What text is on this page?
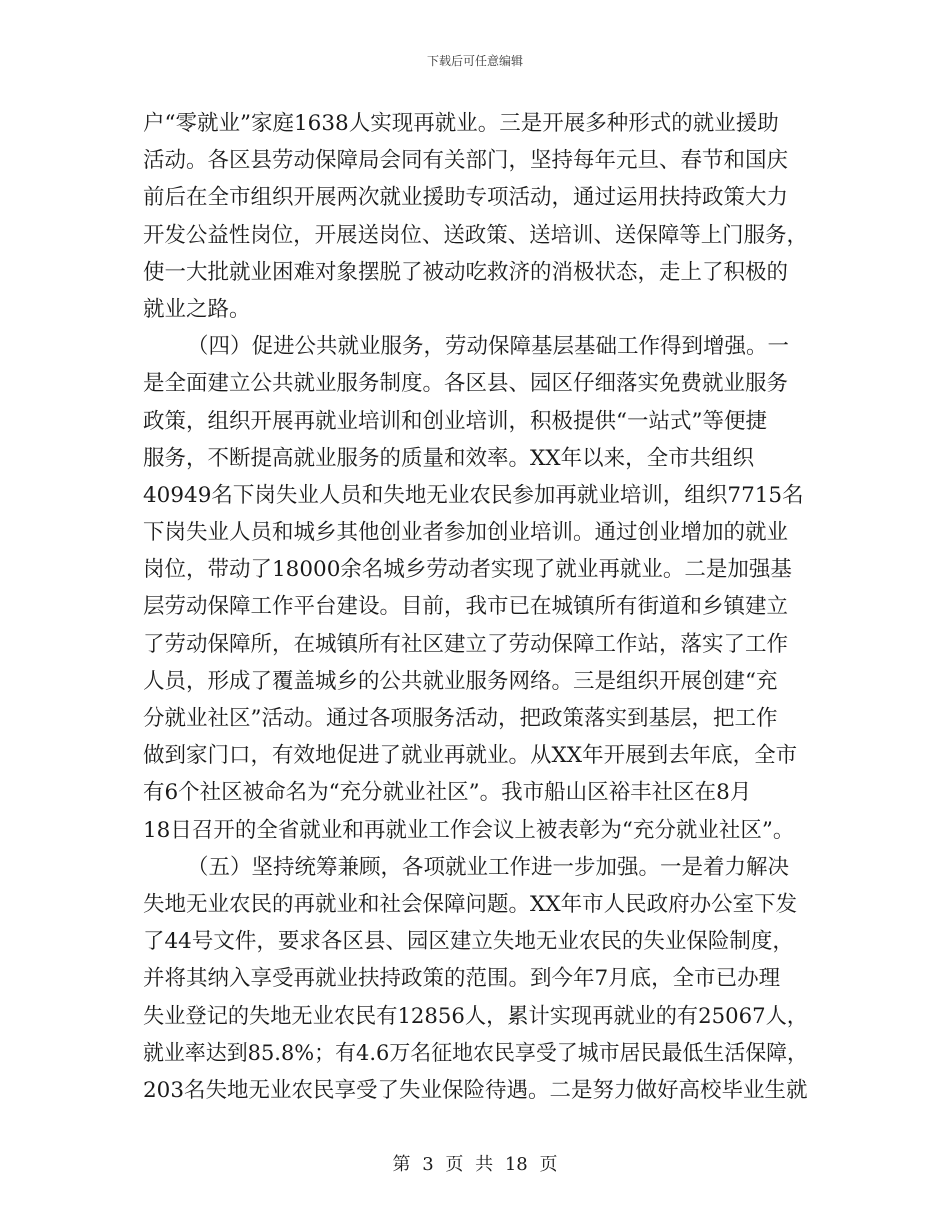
下载后可任意编辑
户“零就业”家庭1638人实现再就业。三是开展多种形式的就业援助
活动。各区县劳动保障局会同有关部门，坚持每年元旦、春节和国庆
前后在全市组织开展两次就业援助专项活动，通过运用扶持政策大力
开发公益性岗位，开展送岗位、送政策、送培训、送保障等上门服务，
使一大批就业困难对象摆脱了被动吃救济的消极状态，走上了积极的
就业之路。
（四）促进公共就业服务，劳动保障基层基础工作得到增强。一
是全面建立公共就业服务制度。各区县、园区仔细落实免费就业服务
政策，组织开展再就业培训和创业培训，积极提供“一站式”等便捷
服务，不断提高就业服务的质量和效率。XX年以来，全市共组织
40949名下岗失业人员和失地无业农民参加再就业培训，组织7715名
下岗失业人员和城乡其他创业者参加创业培训。通过创业增加的就业
岗位，带动了18000余名城乡劳动者实现了就业再就业。二是加强基
层劳动保障工作平台建设。目前，我市已在城镇所有街道和乡镇建立
了劳动保障所，在城镇所有社区建立了劳动保障工作站，落实了工作
人员，形成了覆盖城乡的公共就业服务网络。三是组织开展创建“充
分就业社区”活动。通过各项服务活动，把政策落实到基层，把工作
做到家门口，有效地促进了就业再就业。从XX年开展到去年底，全市
有6个社区被命名为“充分就业社区”。我市船山区裕丰社区在8月
18日召开的全省就业和再就业工作会议上被表彰为“充分就业社区”。
（五）坚持统筹兼顾，各项就业工作进一步加强。一是着力解决
失地无业农民的再就业和社会保障问题。XX年市人民政府办公室下发
了44号文件，要求各区县、园区建立失地无业农民的失业保险制度，
并将其纳入享受再就业扶持政策的范围。到今年7月底，全市已办理
失业登记的失地无业农民有12856人，累计实现再就业的有25067人，
就业率达到85.8%；有4.6万名征地农民享受了城市居民最低生活保障，
203名失地无业农民享受了失业保险待遇。二是努力做好高校毕业生就
第 3 页 共 18 页
